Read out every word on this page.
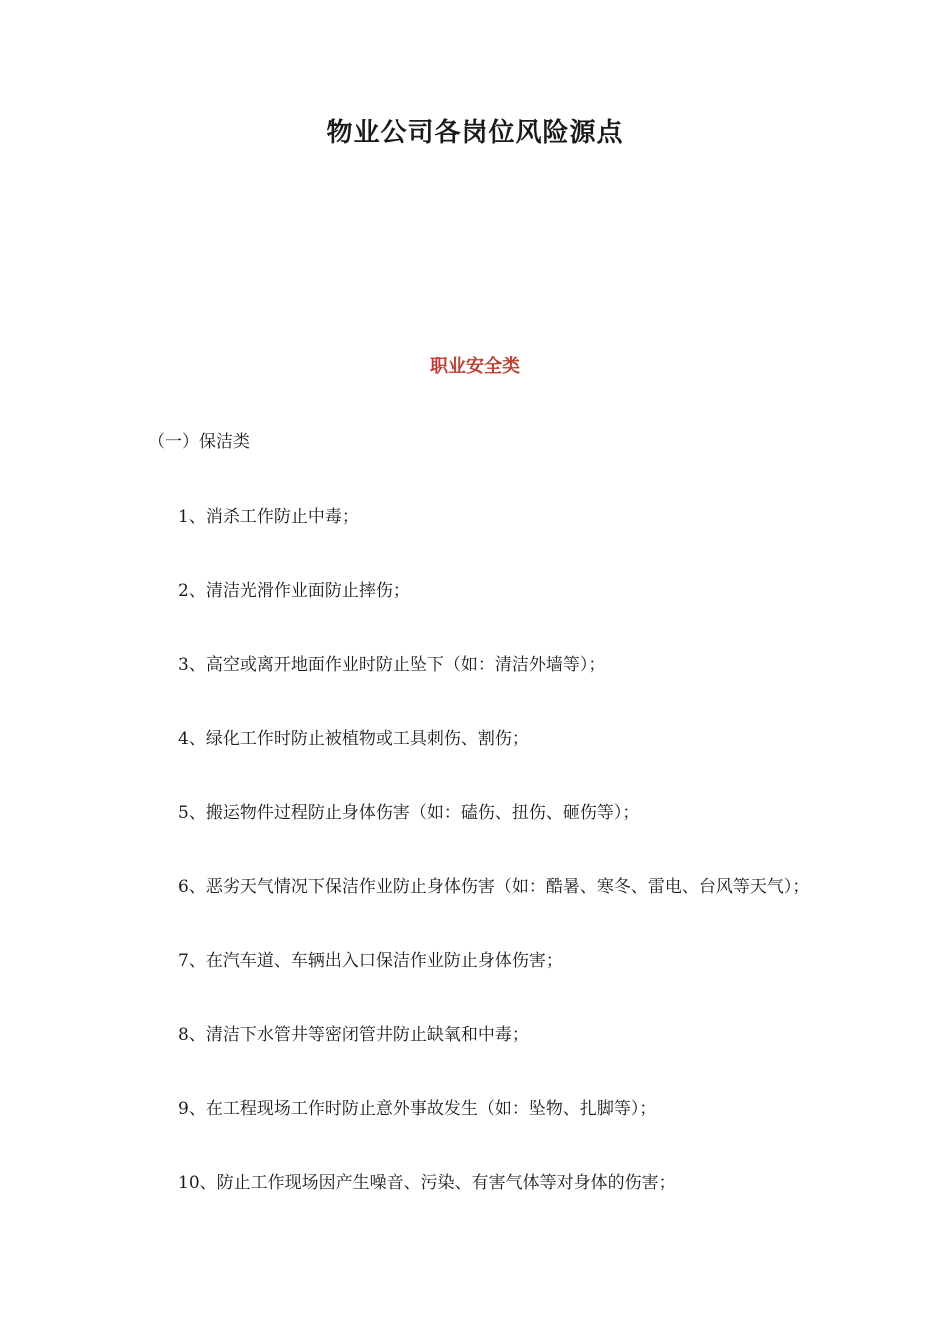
物业公司各岗位风险源点
职业安全类

（一）保洁类

1、消杀工作防止中毒；
2、清洁光滑作业面防止摔伤；
3、高空或离开地面作业时防止坠下（如：清洁外墙等）；
4、绿化工作时防止被植物或工具刺伤、割伤；
5、搬运物件过程防止身体伤害（如：磕伤、扭伤、砸伤等）；
6、恶劣天气情况下保洁作业防止身体伤害（如：酷暑、寒冬、雷电、台风等天气）；
7、在汽车道、车辆出入口保洁作业防止身体伤害；
8、清洁下水管井等密闭管井防止缺氧和中毒；
9、在工程现场工作时防止意外事故发生（如：坠物、扎脚等）；
10、防止工作现场因产生噪音、污染、有害气体等对身体的伤害；
